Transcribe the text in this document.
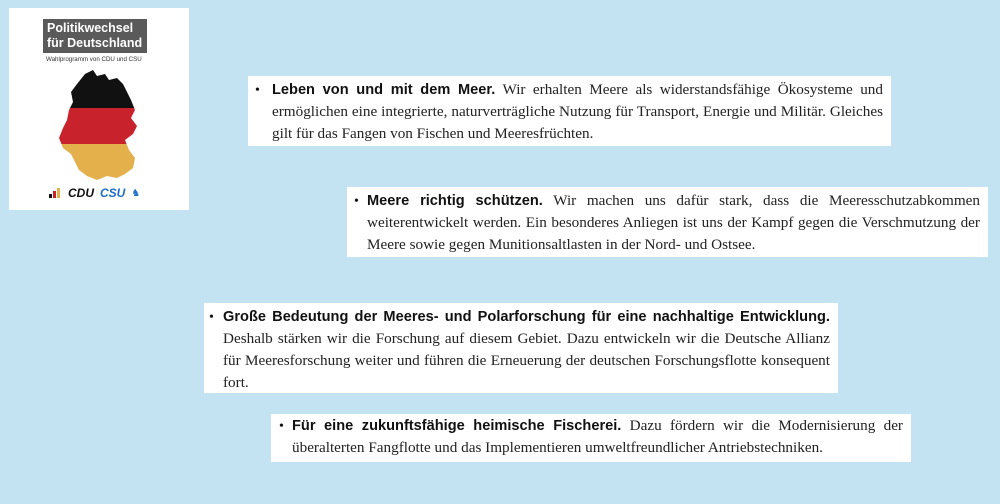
Politikwechsel
für Deutschland
Wahlprogramm von CDU und CSU
CDU CSU ♞
• Leben von und mit dem Meer. Wir erhalten Meere als widerstandsfähige Ökosysteme und ermöglichen eine integrierte, naturverträgliche Nutzung für Transport, Energie und Militär. Gleiches gilt für das Fangen von Fischen und Meeresfrüchten.
• Meere richtig schützen. Wir machen uns dafür stark, dass die Meeresschutzabkommen weiterentwickelt werden. Ein besonderes Anliegen ist uns der Kampf gegen die Verschmutzung der Meere sowie gegen Munitionsaltlasten in der Nord- und Ostsee.
• Große Bedeutung der Meeres- und Polarforschung für eine nachhaltige Entwicklung. Deshalb stärken wir die Forschung auf diesem Gebiet. Dazu entwickeln wir die Deutsche Allianz für Meeresforschung weiter und führen die Erneuerung der deutschen Forschungsflotte konsequent fort.
• Für eine zukunftsfähige heimische Fischerei. Dazu fördern wir die Modernisierung der überalterten Fangflotte und das Implementieren umweltfreundlicher Antriebstechniken.
